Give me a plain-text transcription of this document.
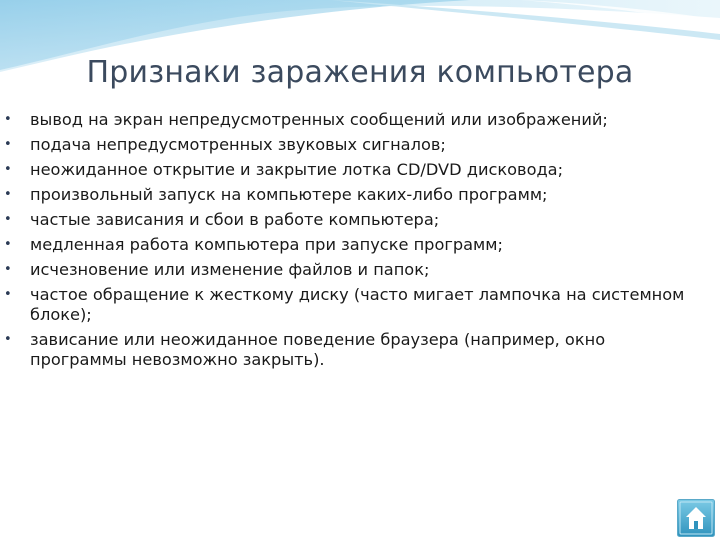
Признаки заражения компьютера
•	вывод на экран непредусмотренных сообщений или изображений;
•	подача непредусмотренных звуковых сигналов;
•	неожиданное открытие и закрытие лотка CD/DVD дисковода;
•	произвольный запуск на компьютере каких-либо программ;
•	частые зависания и сбои в работе компьютера;
•	медленная работа компьютера при запуске программ;
•	исчезновение или изменение файлов и папок;
•	частое обращение к жесткому диску (часто мигает лампочка на системном блоке);
•	зависание или неожиданное поведение браузера (например, окно программы невозможно закрыть).
